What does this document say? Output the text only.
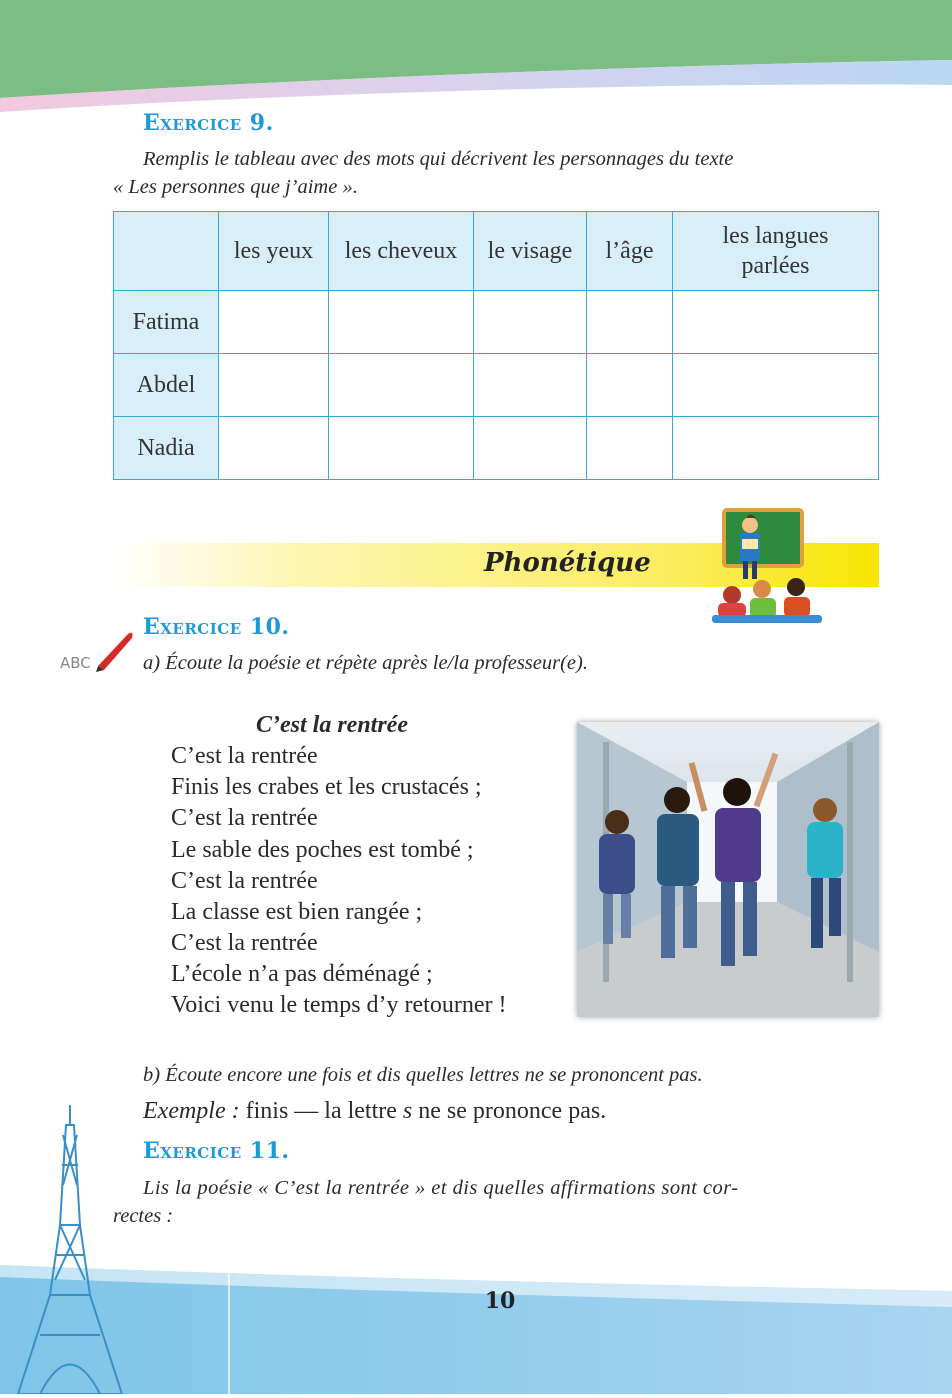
Exercice 9.
Remplis le tableau avec des mots qui décrivent les personnages du texte
« Les personnes que j’aime ».
	les yeux	les cheveux	le visage	l’âge	les langues
parlées
Fatima					
Abdel					
Nadia					
Phonétique
ABC
Exercice 10.
a) Écoute la poésie et répète après le/la professeur(e).
C’est la rentrée
C’est la rentrée
Finis les crabes et les crustacés ;
C’est la rentrée
Le sable des poches est tombé ;
C’est la rentrée
La classe est bien rangée ;
C’est la rentrée
L’école n’a pas déménagé ;
Voici venu le temps d’y retourner !
b) Écoute encore une fois et dis quelles lettres ne se prononcent pas.
Exemple : finis — la lettre s ne se prononce pas.
Exercice 11.
Lis la poésie « C’est la rentrée » et dis quelles affirmations sont cor-
rectes :
10
